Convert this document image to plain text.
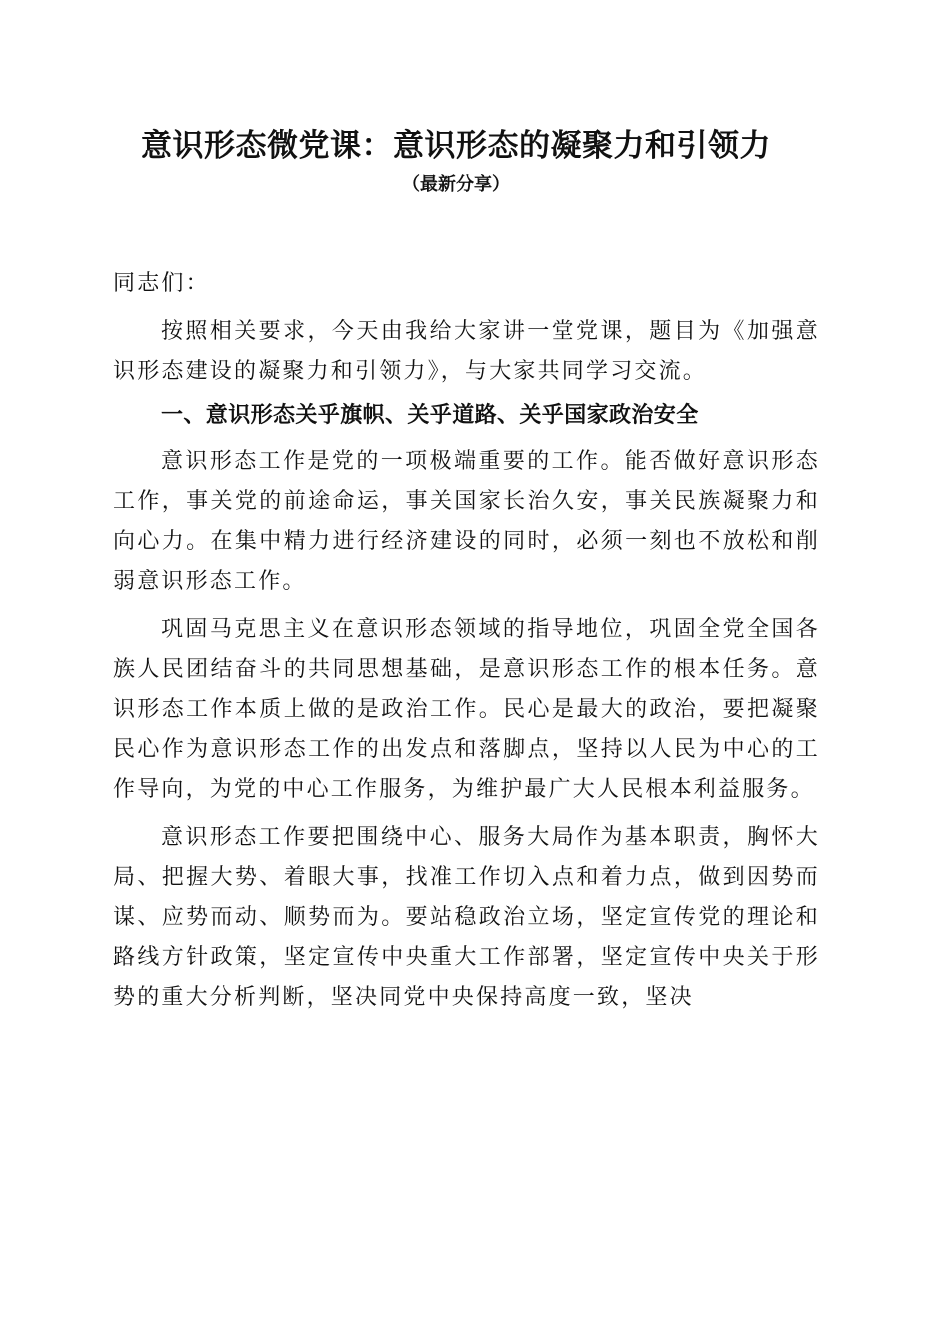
意识形态微党课：意识形态的凝聚力和引领力
（最新分享）

同志们：

按照相关要求，今天由我给大家讲一堂党课，题目为《加强意识形态建设的凝聚力和引领力》，与大家共同学习交流。

一、意识形态关乎旗帜、关乎道路、关乎国家政治安全

意识形态工作是党的一项极端重要的工作。能否做好意识形态工作，事关党的前途命运，事关国家长治久安，事关民族凝聚力和向心力。在集中精力进行经济建设的同时，必须一刻也不放松和削弱意识形态工作。

巩固马克思主义在意识形态领域的指导地位，巩固全党全国各族人民团结奋斗的共同思想基础，是意识形态工作的根本任务。意识形态工作本质上做的是政治工作。民心是最大的政治，要把凝聚民心作为意识形态工作的出发点和落脚点，坚持以人民为中心的工作导向，为党的中心工作服务，为维护最广大人民根本利益服务。

意识形态工作要把围绕中心、服务大局作为基本职责，胸怀大局、把握大势、着眼大事，找准工作切入点和着力点，做到因势而谋、应势而动、顺势而为。要站稳政治立场，坚定宣传党的理论和路线方针政策，坚定宣传中央重大工作部署，坚定宣传中央关于形势的重大分析判断，坚决同党中央保持高度一致，坚决
